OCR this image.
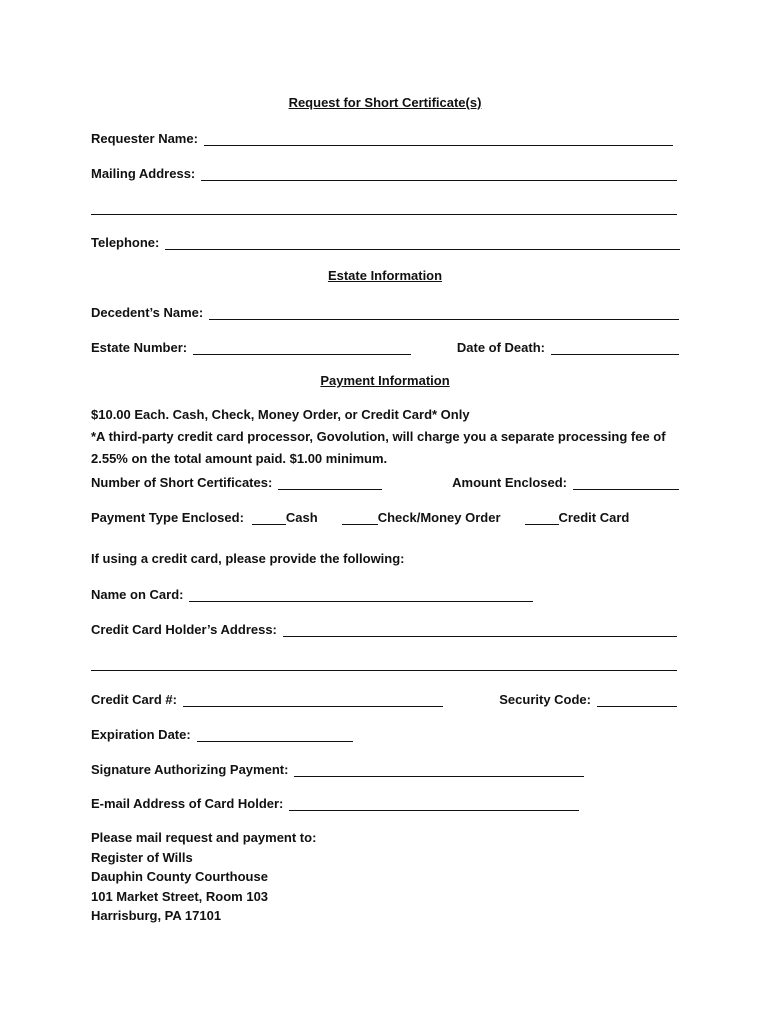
Request for Short Certificate(s)
Requester Name:
Mailing Address:
Telephone:
Estate Information
Decedent’s Name:
Estate Number:	Date of Death:
Payment Information
$10.00 Each. Cash, Check, Money Order, or Credit Card* Only
*A third-party credit card processor, Govolution, will charge you a separate processing fee of
2.55% on the total amount paid. $1.00 minimum.
Number of Short Certificates:	Amount Enclosed:
Payment Type Enclosed:	Cash	Check/Money Order	Credit Card
If using a credit card, please provide the following:
Name on Card:
Credit Card Holder’s Address:
Credit Card #:	Security Code:
Expiration Date:
Signature Authorizing Payment:
E-mail Address of Card Holder:
Please mail request and payment to:
Register of Wills
Dauphin County Courthouse
101 Market Street, Room 103
Harrisburg, PA 17101
